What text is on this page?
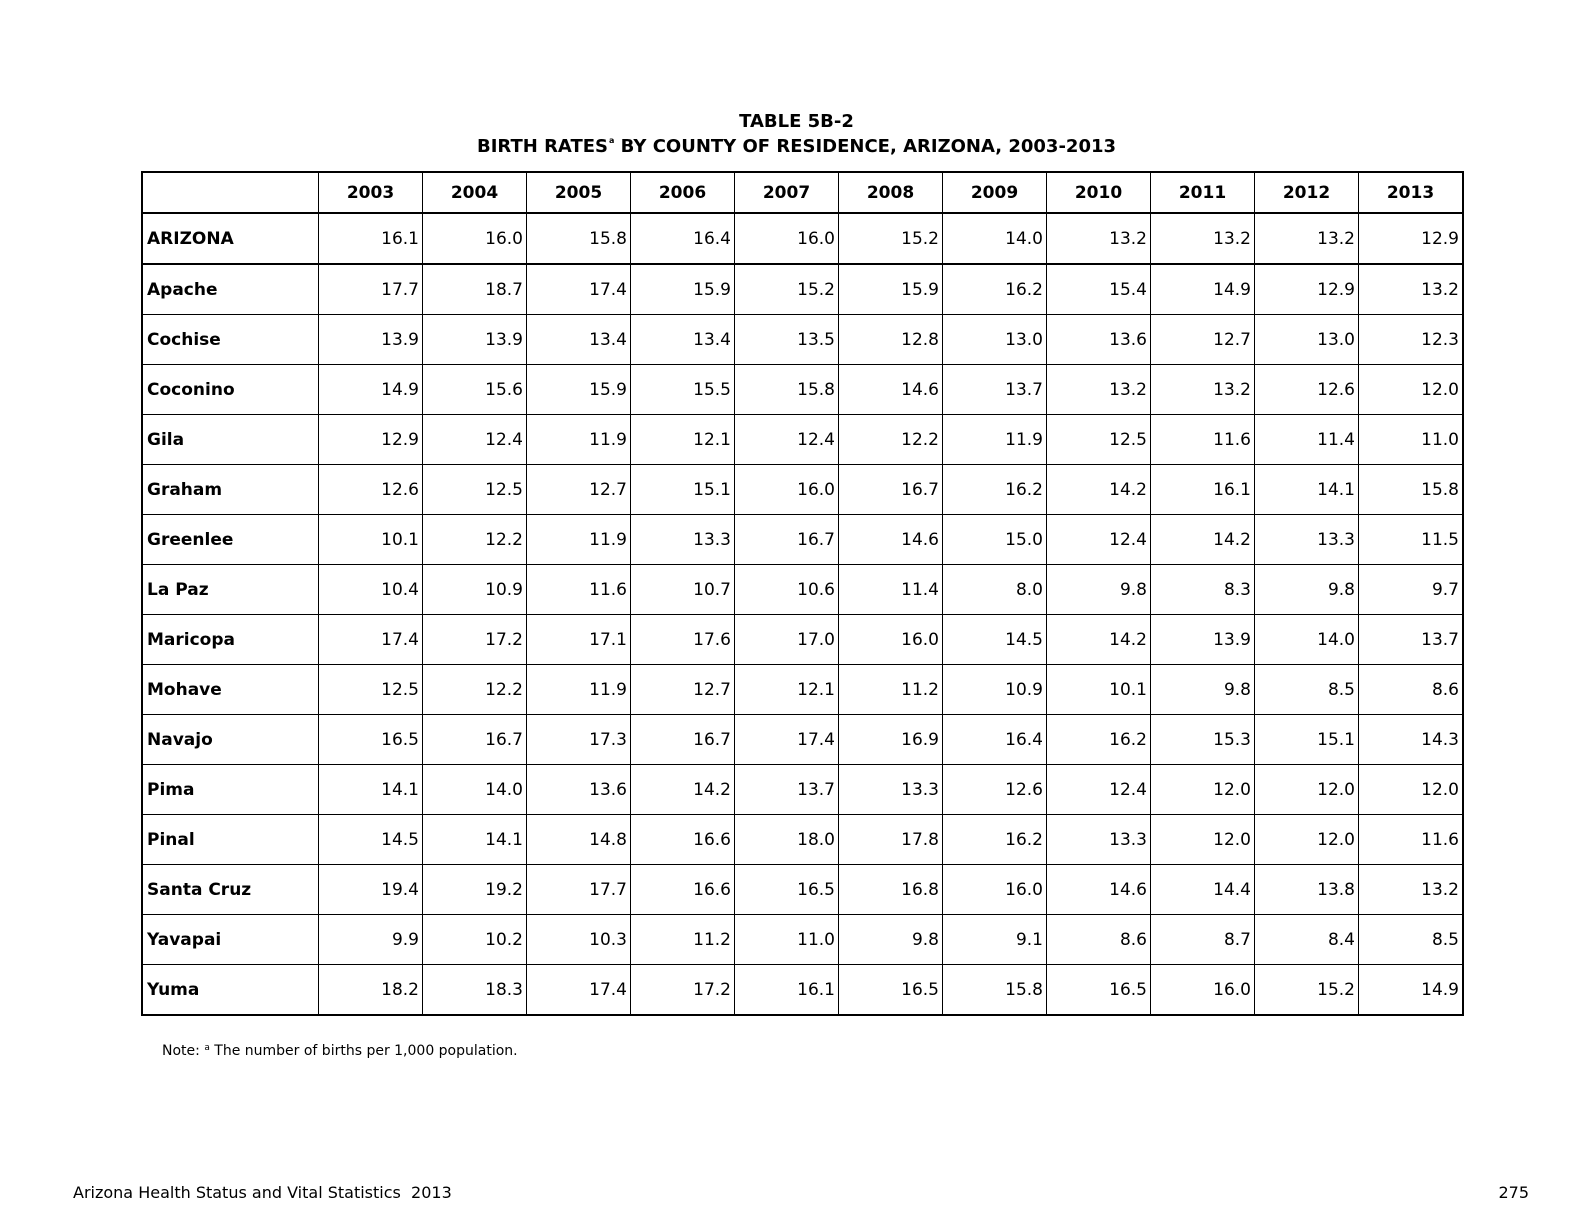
TABLE 5B-2
BIRTH RATES$^a$ BY COUNTY OF RESIDENCE, ARIZONA, 2003-2013
	2003	2004	2005	2006	2007	2008	2009	2010	2011	2012	2013
ARIZONA	16.1	16.0	15.8	16.4	16.0	15.2	14.0	13.2	13.2	13.2	12.9
Apache	17.7	18.7	17.4	15.9	15.2	15.9	16.2	15.4	14.9	12.9	13.2
Cochise	13.9	13.9	13.4	13.4	13.5	12.8	13.0	13.6	12.7	13.0	12.3
Coconino	14.9	15.6	15.9	15.5	15.8	14.6	13.7	13.2	13.2	12.6	12.0
Gila	12.9	12.4	11.9	12.1	12.4	12.2	11.9	12.5	11.6	11.4	11.0
Graham	12.6	12.5	12.7	15.1	16.0	16.7	16.2	14.2	16.1	14.1	15.8
Greenlee	10.1	12.2	11.9	13.3	16.7	14.6	15.0	12.4	14.2	13.3	11.5
La Paz	10.4	10.9	11.6	10.7	10.6	11.4	8.0	9.8	8.3	9.8	9.7
Maricopa	17.4	17.2	17.1	17.6	17.0	16.0	14.5	14.2	13.9	14.0	13.7
Mohave	12.5	12.2	11.9	12.7	12.1	11.2	10.9	10.1	9.8	8.5	8.6
Navajo	16.5	16.7	17.3	16.7	17.4	16.9	16.4	16.2	15.3	15.1	14.3
Pima	14.1	14.0	13.6	14.2	13.7	13.3	12.6	12.4	12.0	12.0	12.0
Pinal	14.5	14.1	14.8	16.6	18.0	17.8	16.2	13.3	12.0	12.0	11.6
Santa Cruz	19.4	19.2	17.7	16.6	16.5	16.8	16.0	14.6	14.4	13.8	13.2
Yavapai	9.9	10.2	10.3	11.2	11.0	9.8	9.1	8.6	8.7	8.4	8.5
Yuma	18.2	18.3	17.4	17.2	16.1	16.5	15.8	16.5	16.0	15.2	14.9
Note: $^a$ The number of births per 1,000 population.
Arizona Health Status and Vital Statistics  2013	275
